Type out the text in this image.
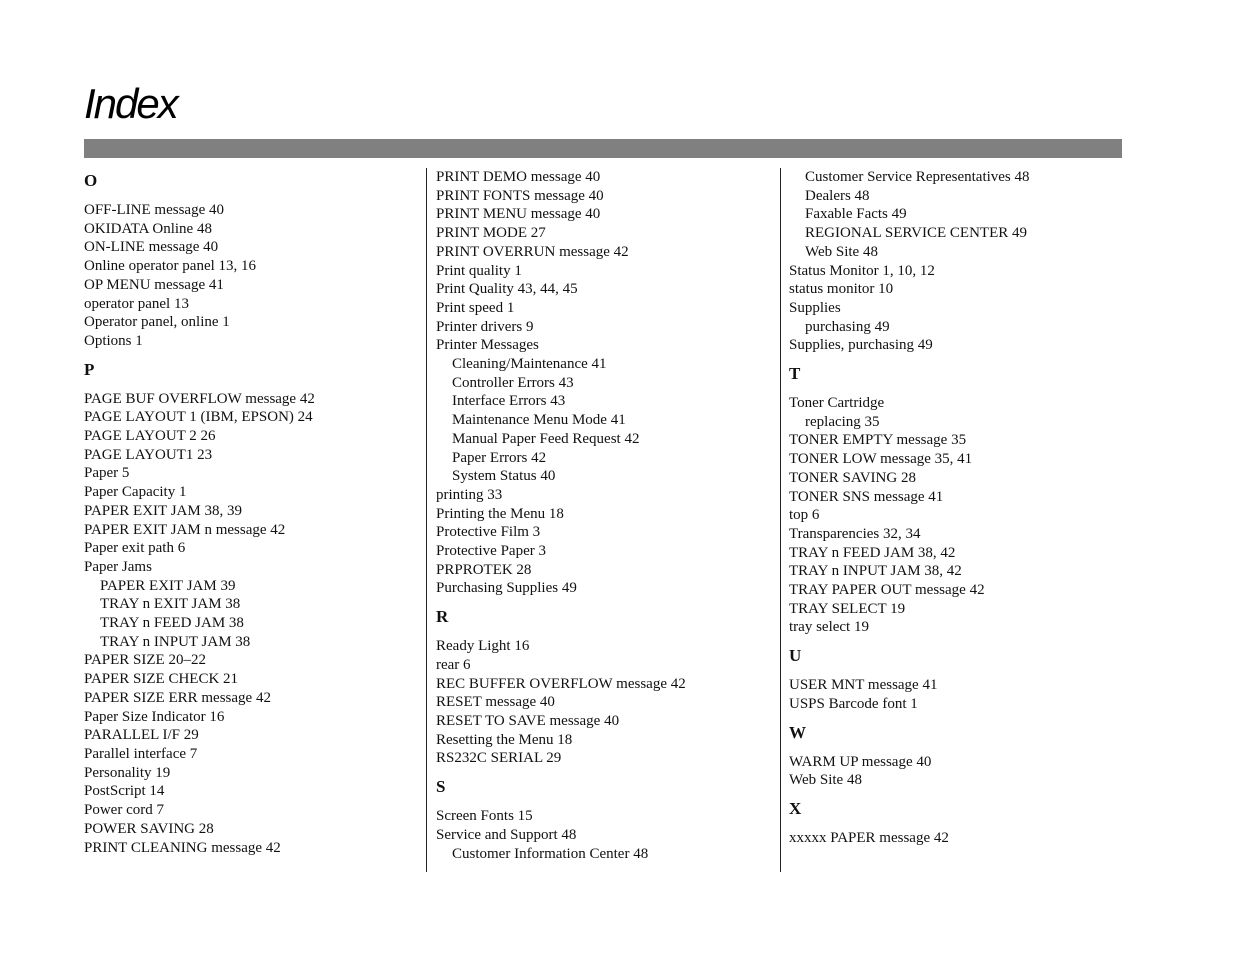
Index
O
OFF-LINE message 40
OKIDATA Online 48
ON-LINE message 40
Online operator panel 13, 16
OP MENU message 41
operator panel 13
Operator panel, online 1
Options 1
P
PAGE BUF OVERFLOW message 42
PAGE LAYOUT 1 (IBM, EPSON) 24
PAGE LAYOUT 2 26
PAGE LAYOUT1 23
Paper 5
Paper Capacity 1
PAPER EXIT JAM 38, 39
PAPER EXIT JAM n message 42
Paper exit path 6
Paper Jams
PAPER EXIT JAM 39
TRAY n EXIT JAM 38
TRAY n FEED JAM 38
TRAY n INPUT JAM 38
PAPER SIZE 20–22
PAPER SIZE CHECK 21
PAPER SIZE ERR message 42
Paper Size Indicator 16
PARALLEL I/F 29
Parallel interface 7
Personality 19
PostScript 14
Power cord 7
POWER SAVING 28
PRINT CLEANING message 42
PRINT DEMO message 40
PRINT FONTS message 40
PRINT MENU message 40
PRINT MODE 27
PRINT OVERRUN message 42
Print quality 1
Print Quality 43, 44, 45
Print speed 1
Printer drivers 9
Printer Messages
Cleaning/Maintenance 41
Controller Errors 43
Interface Errors 43
Maintenance Menu Mode 41
Manual Paper Feed Request 42
Paper Errors 42
System Status 40
printing 33
Printing the Menu 18
Protective Film 3
Protective Paper 3
PRPROTEK 28
Purchasing Supplies 49
R
Ready Light 16
rear 6
REC BUFFER OVERFLOW message 42
RESET message 40
RESET TO SAVE message 40
Resetting the Menu 18
RS232C SERIAL 29
S
Screen Fonts 15
Service and Support 48
Customer Information Center 48
Customer Service Representatives 48
Dealers 48
Faxable Facts 49
REGIONAL SERVICE CENTER 49
Web Site 48
Status Monitor 1, 10, 12
status monitor 10
Supplies
purchasing 49
Supplies, purchasing 49
T
Toner Cartridge
replacing 35
TONER EMPTY message 35
TONER LOW message 35, 41
TONER SAVING 28
TONER SNS message 41
top 6
Transparencies 32, 34
TRAY n FEED JAM 38, 42
TRAY n INPUT JAM 38, 42
TRAY PAPER OUT message 42
TRAY SELECT 19
tray select 19
U
USER MNT message 41
USPS Barcode font 1
W
WARM UP message 40
Web Site 48
X
xxxxx PAPER message 42
